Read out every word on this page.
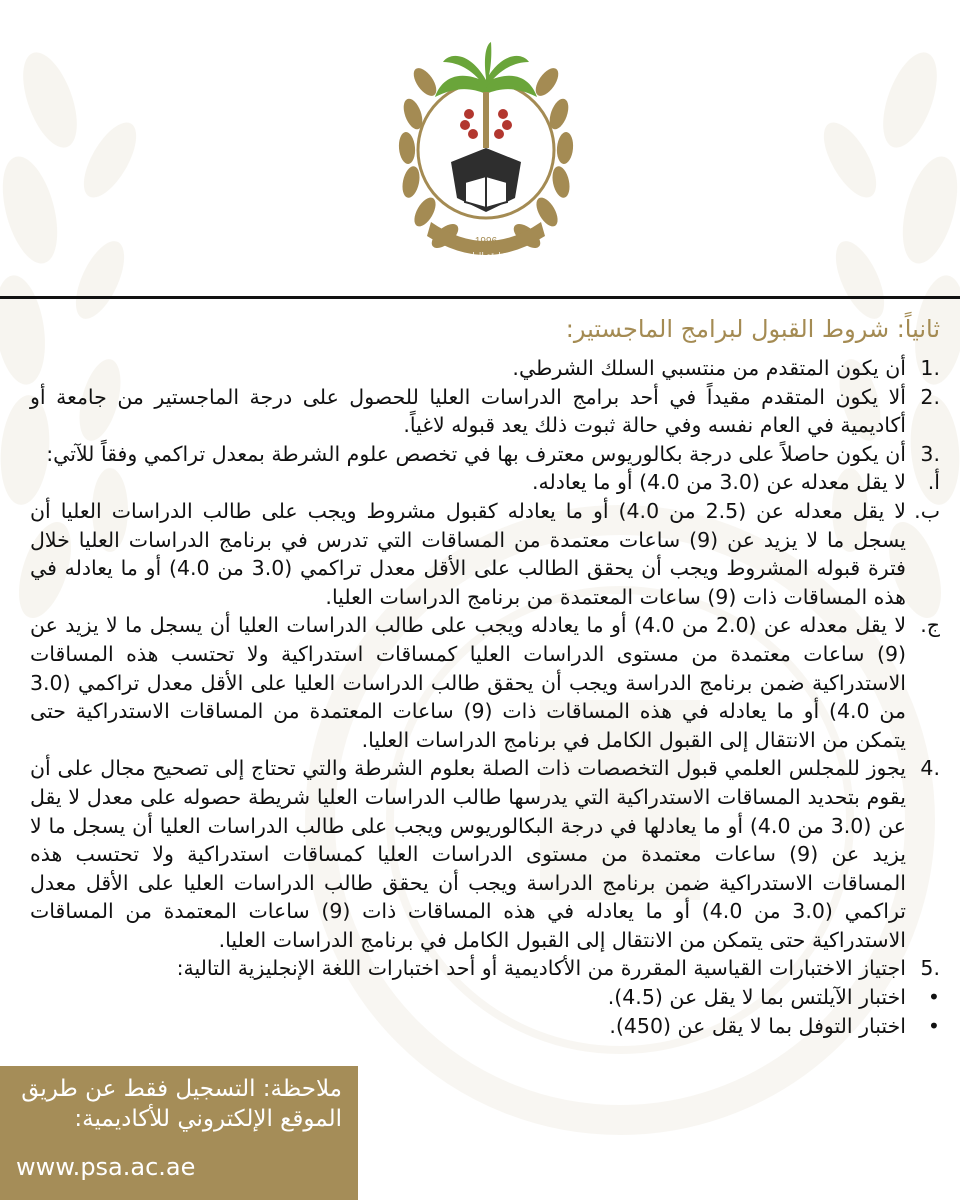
1996
أكاديمية الشارقة للعلوم الشرطية
ثانياً: شروط القبول لبرامج الماجستير:
.1
أن يكون المتقدم من منتسبي السلك الشرطي.
.2
ألا يكون المتقدم مقيداً في أحد برامج الدراسات العليا للحصول على درجة الماجستير من جامعة أو أكاديمية في العام نفسه وفي حالة ثبوت ذلك يعد قبوله لاغياً.
.3
أن يكون حاصلاً على درجة بكالوريوس معترف بها في تخصص علوم الشرطة بمعدل تراكمي وفقاً للآتي:
أ.
لا يقل معدله عن (3.0 من 4.0) أو ما يعادله.
ب.
لا يقل معدله عن (2.5 من 4.0) أو ما يعادله كقبول مشروط ويجب على طالب الدراسات العليا أن يسجل ما لا يزيد عن (9) ساعات معتمدة من المساقات التي تدرس في برنامج الدراسات العليا خلال فترة قبوله المشروط ويجب أن يحقق الطالب على الأقل معدل تراكمي (3.0 من 4.0) أو ما يعادله في هذه المساقات ذات (9) ساعات المعتمدة من برنامج الدراسات العليا.
ج.
لا يقل معدله عن (2.0 من 4.0) أو ما يعادله ويجب على طالب الدراسات العليا أن يسجل ما لا يزيد عن (9) ساعات معتمدة من مستوى الدراسات العليا كمساقات استدراكية ولا تحتسب هذه المساقات الاستدراكية ضمن برنامج الدراسة ويجب أن يحقق طالب الدراسات العليا على الأقل معدل تراكمي (3.0 من 4.0) أو ما يعادله في هذه المساقات ذات (9) ساعات المعتمدة من المساقات الاستدراكية حتى يتمكن من الانتقال إلى القبول الكامل في برنامج الدراسات العليا.
.4
يجوز للمجلس العلمي قبول التخصصات ذات الصلة بعلوم الشرطة والتي تحتاج إلى تصحيح مجال على أن يقوم بتحديد المساقات الاستدراكية التي يدرسها طالب الدراسات العليا شريطة حصوله على معدل لا يقل عن (3.0 من 4.0) أو ما يعادلها في درجة البكالوريوس ويجب على طالب الدراسات العليا أن يسجل ما لا يزيد عن (9) ساعات معتمدة من مستوى الدراسات العليا كمساقات استدراكية ولا تحتسب هذه المساقات الاستدراكية ضمن برنامج الدراسة ويجب أن يحقق طالب الدراسات العليا على الأقل معدل تراكمي (3.0 من 4.0) أو ما يعادله في هذه المساقات ذات (9) ساعات المعتمدة من المساقات الاستدراكية حتى يتمكن من الانتقال إلى القبول الكامل في برنامج الدراسات العليا.
.5
اجتياز الاختبارات القياسية المقررة من الأكاديمية أو أحد اختبارات اللغة الإنجليزية التالية:
•
اختبار الآيلتس بما لا يقل عن (4.5).
•
اختبار التوفل بما لا يقل عن (450).
ملاحظة: التسجيل فقط عن طريق
الموقع الإلكتروني للأكاديمية:
www.psa.ac.ae
